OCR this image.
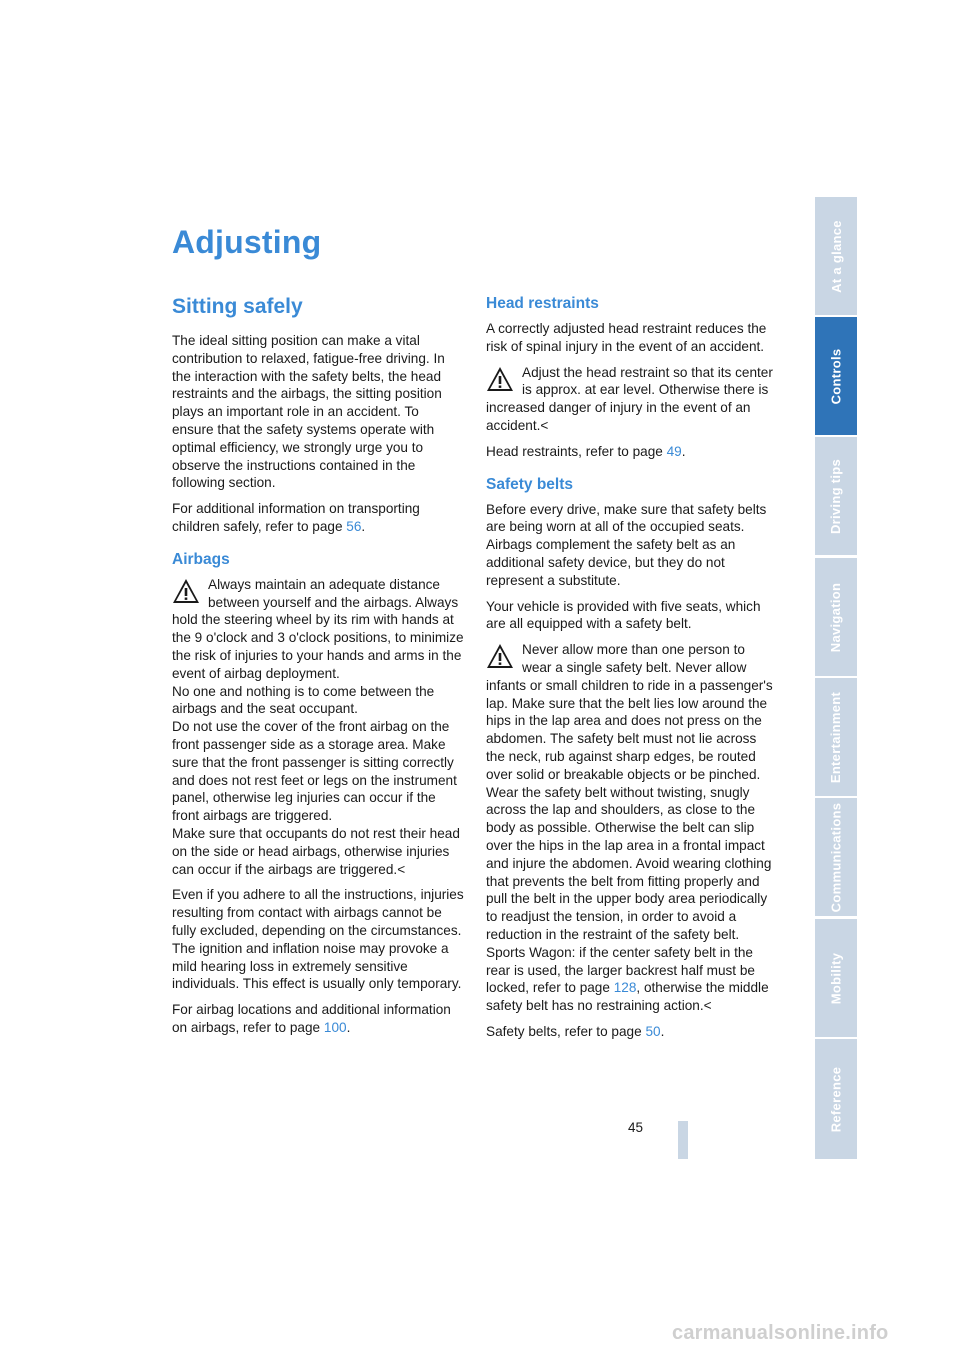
Adjusting
Sitting safely

The ideal sitting position can make a vital contribution to relaxed, fatigue-free driving. In the interaction with the safety belts, the head restraints and the airbags, the sitting position plays an important role in an accident. To ensure that the safety systems operate with optimal efficiency, we strongly urge you to observe the instructions contained in the following section.

For additional information on transporting children safely, refer to page 56.

Airbags
Always maintain an adequate distance between yourself and the airbags. Always hold the steering wheel by its rim with hands at the 9 o'clock and 3 o'clock positions, to minimize the risk of injuries to your hands and arms in the event of airbag deployment.
No one and nothing is to come between the airbags and the seat occupant.
Do not use the cover of the front airbag on the front passenger side as a storage area. Make sure that the front passenger is sitting correctly and does not rest feet or legs on the instrument panel, otherwise leg injuries can occur if the front airbags are triggered.
Make sure that occupants do not rest their head on the side or head airbags, otherwise injuries can occur if the airbags are triggered.<

Even if you adhere to all the instructions, injuries resulting from contact with airbags cannot be fully excluded, depending on the circumstances. The ignition and inflation noise may provoke a mild hearing loss in extremely sensitive individuals. This effect is usually only temporary.

For airbag locations and additional information on airbags, refer to page 100.

Head restraints

A correctly adjusted head restraint reduces the risk of spinal injury in the event of an accident.

Adjust the head restraint so that its center is approx. at ear level. Otherwise there is increased danger of injury in the event of an accident.<

Head restraints, refer to page 49.

Safety belts

Before every drive, make sure that safety belts are being worn at all of the occupied seats. Airbags complement the safety belt as an additional safety device, but they do not represent a substitute.

Your vehicle is provided with five seats, which are all equipped with a safety belt.

Never allow more than one person to wear a single safety belt. Never allow infants or small children to ride in a passenger's lap. Make sure that the belt lies low around the hips in the lap area and does not press on the abdomen. The safety belt must not lie across the neck, rub against sharp edges, be routed over solid or breakable objects or be pinched. Wear the safety belt without twisting, snugly across the lap and shoulders, as close to the body as possible. Otherwise the belt can slip over the hips in the lap area in a frontal impact and injure the abdomen. Avoid wearing clothing that prevents the belt from fitting properly and pull the belt in the upper body area periodically to readjust the tension, in order to avoid a reduction in the restraint of the safety belt.
Sports Wagon: if the center safety belt in the rear is used, the larger backrest half must be locked, refer to page 128, otherwise the middle safety belt has no restraining action.<

Safety belts, refer to page 50.

At a glance
Controls
Driving tips
Navigation
Entertainment
Communications
Mobility
Reference
45
carmanualsonline.info
